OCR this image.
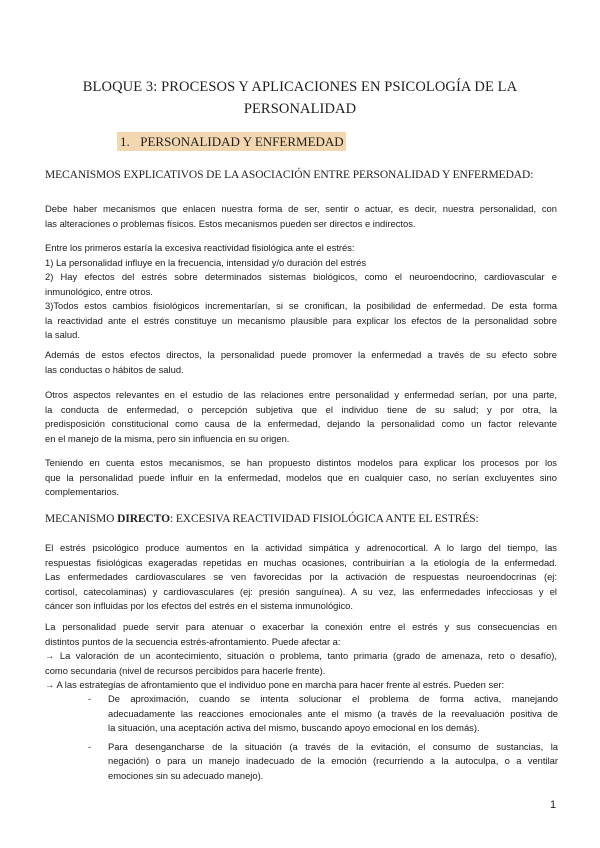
BLOQUE 3: PROCESOS Y APLICACIONES EN PSICOLOGÍA DE LA
PERSONALIDAD
1. PERSONALIDAD Y ENFERMEDAD
MECANISMOS EXPLICATIVOS DE LA ASOCIACIÓN ENTRE PERSONALIDAD Y ENFERMEDAD:
Debe haber mecanismos que enlacen nuestra forma de ser, sentir o actuar, es decir, nuestra personalidad, con
las alteraciones o problemas físicos. Estos mecanismos pueden ser directos e indirectos.
Entre los primeros estaría la excesiva reactividad fisiológica ante el estrés:
1) La personalidad influye en la frecuencia, intensidad y/o duración del estrés
2) Hay efectos del estrés sobre determinados sistemas biológicos, como el neuroendocrino, cardiovascular e
inmunológico, entre otros.
3)Todos estos cambios fisiológicos incrementarían, si se cronifican, la posibilidad de enfermedad. De esta forma
la reactividad ante el estrés constituye un mecanismo plausible para explicar los efectos de la personalidad sobre
la salud.
Además de estos efectos directos, la personalidad puede promover la enfermedad a través de su efecto sobre
las conductas o hábitos de salud.
Otros aspectos relevantes en el estudio de las relaciones entre personalidad y enfermedad serían, por una parte,
la conducta de enfermedad, o percepción subjetiva que el individuo tiene de su salud; y por otra, la
predisposición constitucional como causa de la enfermedad, dejando la personalidad como un factor relevante
en el manejo de la misma, pero sin influencia en su origen.
Teniendo en cuenta estos mecanismos, se han propuesto distintos modelos para explicar los procesos por los
que la personalidad puede influir en la enfermedad, modelos que en cualquier caso, no serían excluyentes sino
complementarios.
MECANISMO DIRECTO: EXCESIVA REACTIVIDAD FISIOLÓGICA ANTE EL ESTRÉS:
El estrés psicológico produce aumentos en la actividad simpática y adrenocortical. A lo largo del tiempo, las
respuestas fisiológicas exageradas repetidas en muchas ocasiones, contribuirían a la etiología de la enfermedad.
Las enfermedades cardiovasculares se ven favorecidas por la activación de respuestas neuroendocrinas (ej:
cortisol, catecolaminas) y cardiovasculares (ej: presión sanguínea). A su vez, las enfermedades infecciosas y el
cáncer son influidas por los efectos del estrés en el sistema inmunológico.
La personalidad puede servir para atenuar o exacerbar la conexión entre el estrés y sus consecuencias en
distintos puntos de la secuencia estrés-afrontamiento. Puede afectar a:
→ La valoración de un acontecimiento, situación o problema, tanto primaria (grado de amenaza, reto o desafío),
como secundaria (nivel de recursos percibidos para hacerle frente).
→ A las estrategias de afrontamiento que el individuo pone en marcha para hacer frente al estrés. Pueden ser:
- De aproximación, cuando se intenta solucionar el problema de forma activa, manejando
adecuadamente las reacciones emocionales ante el mismo (a través de la reevaluación positiva de
la situación, una aceptación activa del mismo, buscando apoyo emocional en los demás).
- Para desengancharse de la situación (a través de la evitación, el consumo de sustancias, la
negación) o para un manejo inadecuado de la emoción (recurriendo a la autoculpa, o a ventilar
emociones sin su adecuado manejo).
1
